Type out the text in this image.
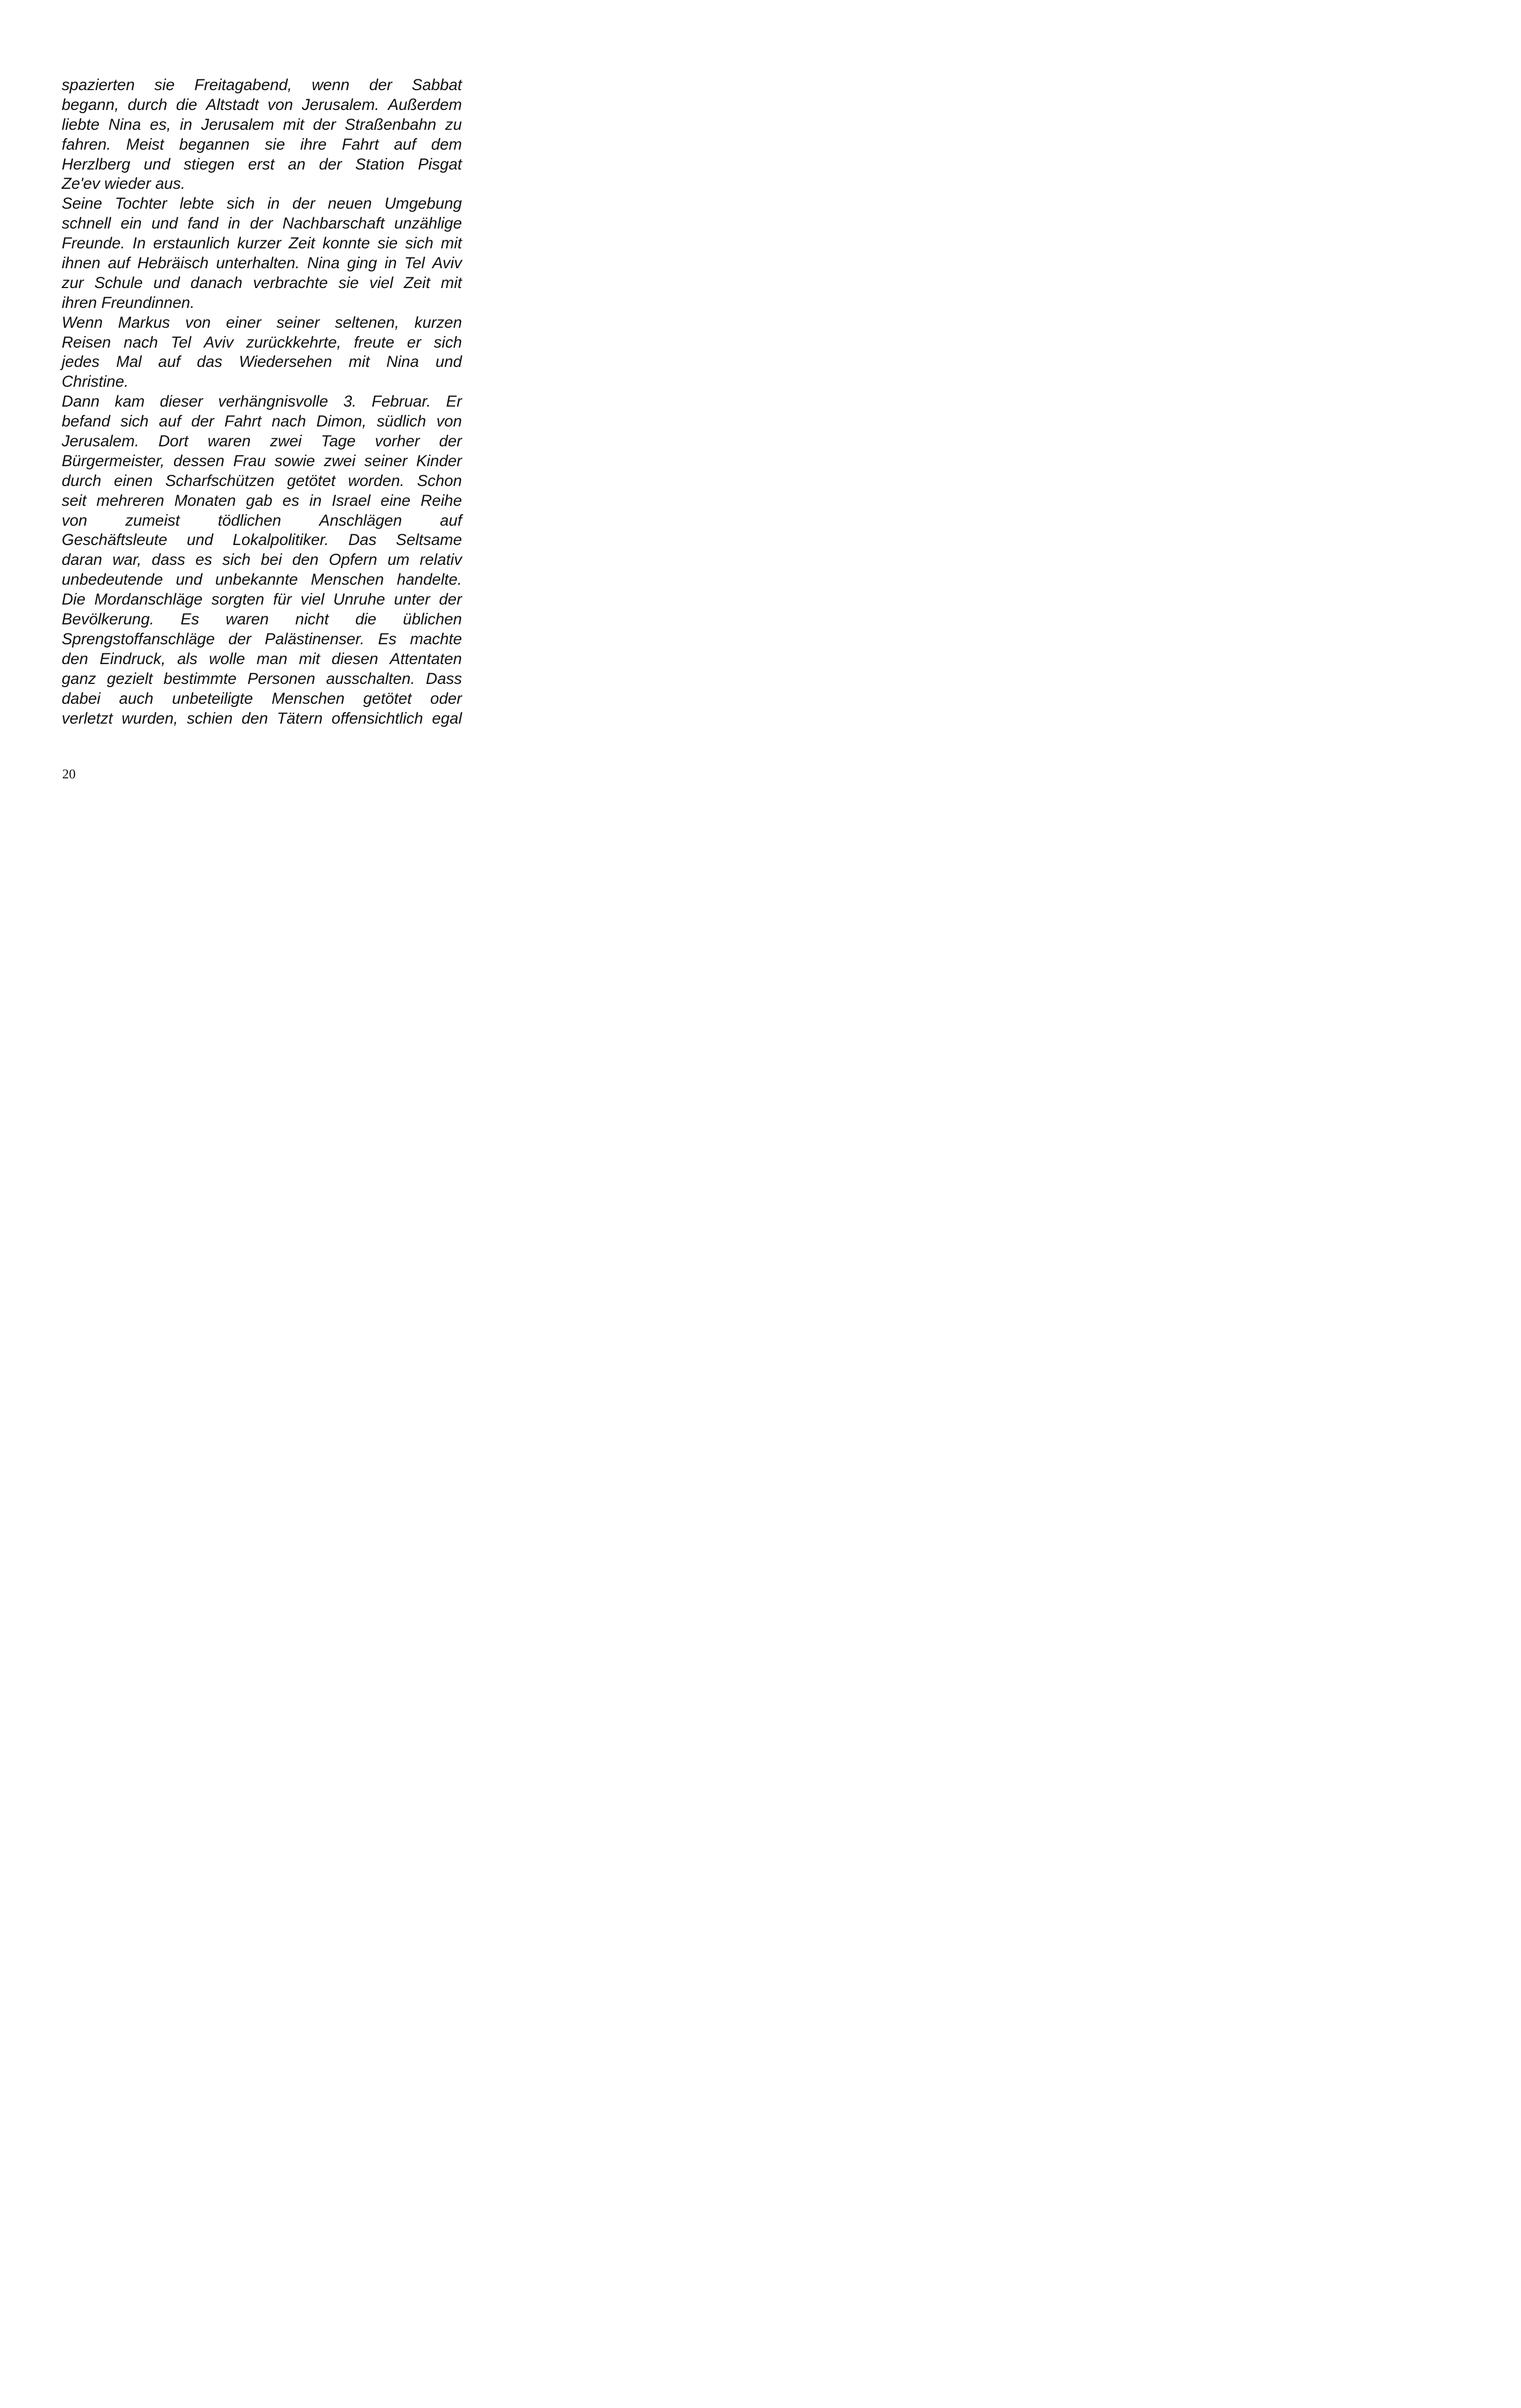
spazierten sie Freitagabend, wenn der Sabbat
begann, durch die Altstadt von Jerusalem. Außerdem
liebte Nina es, in Jerusalem mit der Straßenbahn zu
fahren. Meist begannen sie ihre Fahrt auf dem
Herzlberg und stiegen erst an der Station Pisgat
Ze'ev wieder aus.
Seine Tochter lebte sich in der neuen Umgebung
schnell ein und fand in der Nachbarschaft unzählige
Freunde. In erstaunlich kurzer Zeit konnte sie sich mit
ihnen auf Hebräisch unterhalten. Nina ging in Tel Aviv
zur Schule und danach verbrachte sie viel Zeit mit
ihren Freundinnen.
Wenn Markus von einer seiner seltenen, kurzen
Reisen nach Tel Aviv zurückkehrte, freute er sich
jedes Mal auf das Wiedersehen mit Nina und
Christine.
Dann kam dieser verhängnisvolle 3. Februar. Er
befand sich auf der Fahrt nach Dimon, südlich von
Jerusalem. Dort waren zwei Tage vorher der
Bürgermeister, dessen Frau sowie zwei seiner Kinder
durch einen Scharfschützen getötet worden. Schon
seit mehreren Monaten gab es in Israel eine Reihe
von zumeist tödlichen Anschlägen auf
Geschäftsleute und Lokalpolitiker. Das Seltsame
daran war, dass es sich bei den Opfern um relativ
unbedeutende und unbekannte Menschen handelte.
Die Mordanschläge sorgten für viel Unruhe unter der
Bevölkerung. Es waren nicht die üblichen
Sprengstoffanschläge der Palästinenser. Es machte
den Eindruck, als wolle man mit diesen Attentaten
ganz gezielt bestimmte Personen ausschalten. Dass
dabei auch unbeteiligte Menschen getötet oder
verletzt wurden, schien den Tätern offensichtlich egal
20
